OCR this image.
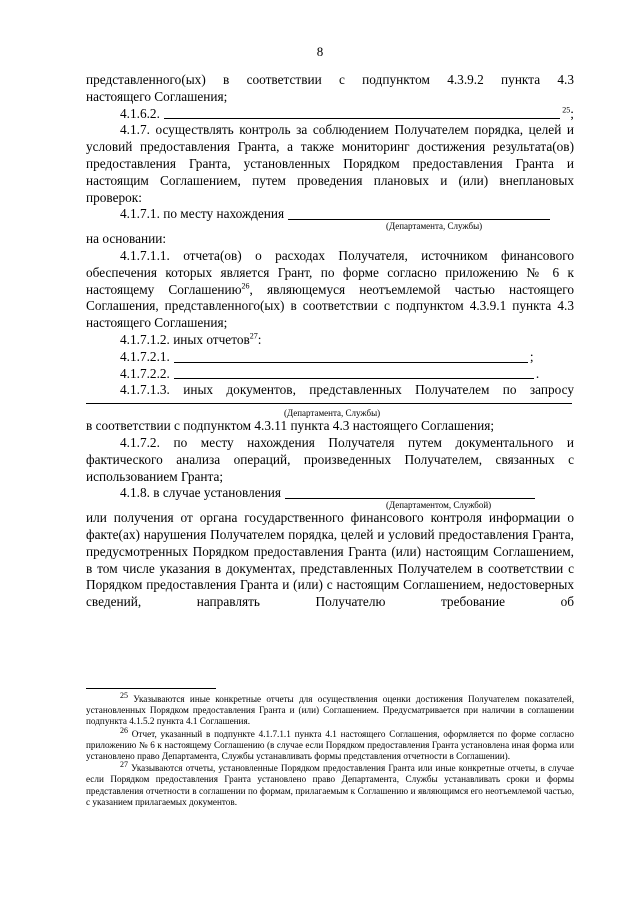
8

представленного(ых) в соответствии с подпунктом 4.3.9.2 пункта 4.3

настоящего Соглашения;

4.1.6.2.	$^{25}$;

4.1.7. осуществлять контроль за соблюдением Получателем порядка, целей и условий предоставления Гранта, а также мониторинг достижения результата(ов) предоставления Гранта, установленных Порядком предоставления Гранта и настоящим Соглашением, путем проведения плановых и (или) внеплановых проверок:

4.1.7.1. по месту нахождения
(Департамента, Службы)

на основании:

4.1.7.1.1. отчета(ов) о расходах Получателя, источником финансового обеспечения которых является Грант, по форме согласно приложению № 6 к настоящему Соглашению$^{26}$, являющемуся неотъемлемой частью настоящего Соглашения, представленного(ых) в соответствии с подпунктом 4.3.9.1 пункта 4.3 настоящего Соглашения;

4.1.7.1.2. иных отчетов$^{27}$:

4.1.7.2.1.	;
4.1.7.2.2.	.

4.1.7.1.3. иных документов, представленных Получателем по запросу

(Департамента, Службы)

в соответствии с подпунктом 4.3.11 пункта 4.3 настоящего Соглашения;

4.1.7.2. по месту нахождения Получателя путем документального и фактического анализа операций, произведенных Получателем, связанных с использованием Гранта;

4.1.8. в случае установления
(Департаментом, Службой)

или получения от органа государственного финансового контроля информации о факте(ах) нарушения Получателем порядка, целей и условий предоставления Гранта, предусмотренных Порядком предоставления Гранта (или) настоящим Соглашением, в том числе указания в документах, представленных Получателем в соответствии с Порядком предоставления Гранта и (или) с настоящим Соглашением, недостоверных сведений, направлять Получателю требование об

$^{25}$ Указываются иные конкретные отчеты для осуществления оценки достижения Получателем показателей, установленных Порядком предоставления Гранта и (или) Соглашением. Предусматривается при наличии в соглашении подпункта 4.1.5.2 пункта 4.1 Соглашения.

$^{26}$ Отчет, указанный в подпункте 4.1.7.1.1 пункта 4.1 настоящего Соглашения, оформляется по форме согласно приложению № 6 к настоящему Соглашению (в случае если Порядком предоставления Гранта установлена иная форма или установлено право Департамента, Службы устанавливать формы представления отчетности в Соглашении).

$^{27}$ Указываются отчеты, установленные Порядком предоставления Гранта или иные конкретные отчеты, в случае если Порядком предоставления Гранта установлено право Департамента, Службы устанавливать сроки и формы представления отчетности в соглашении по формам, прилагаемым к Соглашению и являющимся его неотъемлемой частью, с указанием прилагаемых документов.
